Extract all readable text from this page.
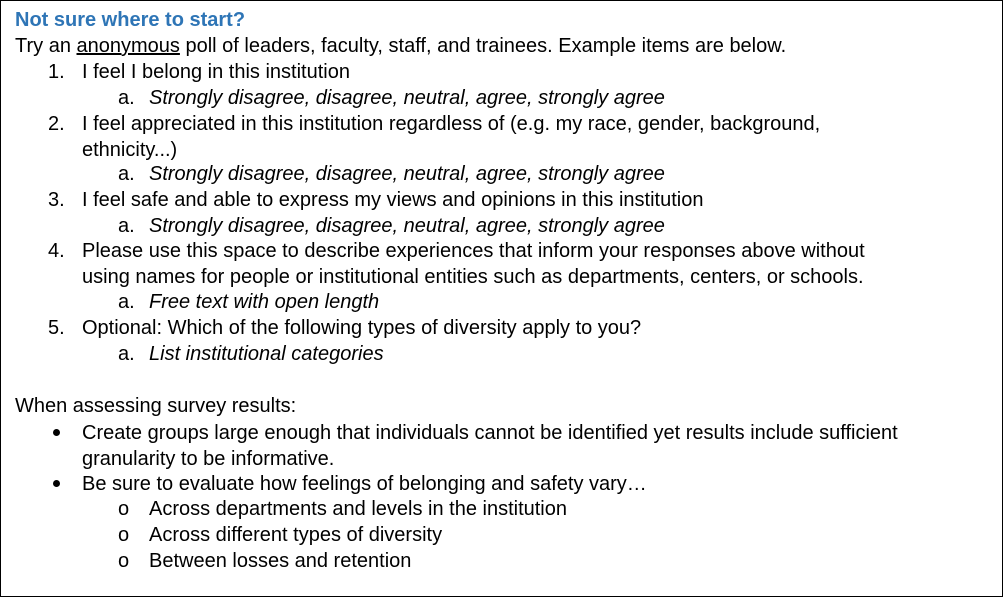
Not sure where to start?
Try an anonymous poll of leaders, faculty, staff, and trainees. Example items are below.
1. I feel I belong in this institution
a. Strongly disagree, disagree, neutral, agree, strongly agree
2. I feel appreciated in this institution regardless of (e.g. my race, gender, background,
ethnicity...)
a. Strongly disagree, disagree, neutral, agree, strongly agree
3. I feel safe and able to express my views and opinions in this institution
a. Strongly disagree, disagree, neutral, agree, strongly agree
4. Please use this space to describe experiences that inform your responses above without
using names for people or institutional entities such as departments, centers, or schools.
a. Free text with open length
5. Optional: Which of the following types of diversity apply to you?
a. List institutional categories
When assessing survey results:
Create groups large enough that individuals cannot be identified yet results include sufficient
granularity to be informative.
Be sure to evaluate how feelings of belonging and safety vary…
o Across departments and levels in the institution
o Across different types of diversity
o Between losses and retention
